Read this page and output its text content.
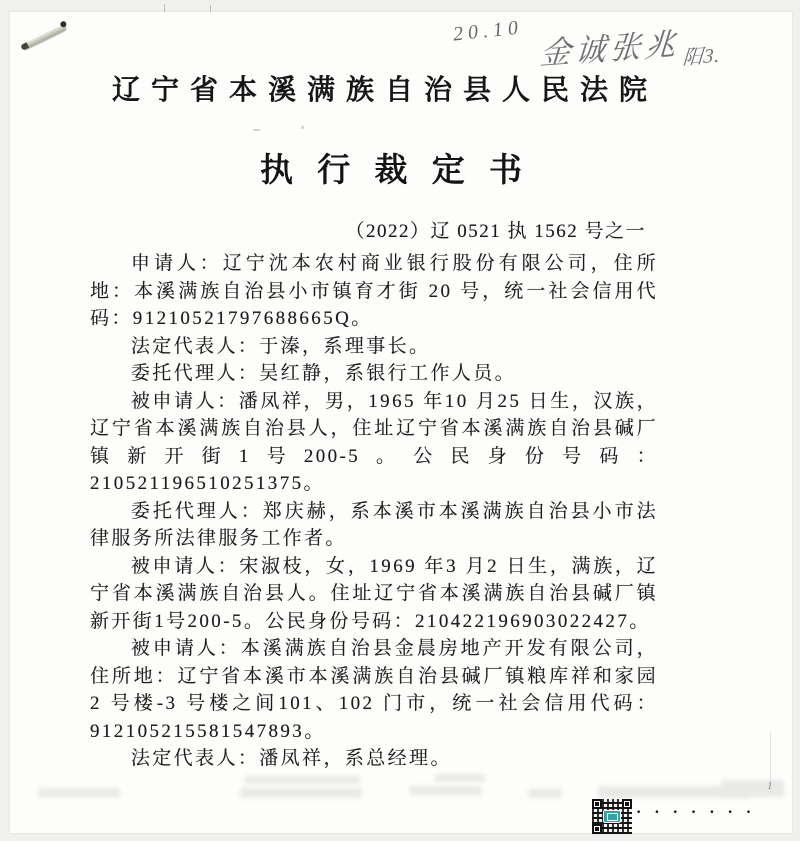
20.10 金诚张兆$_{阳3.}$
辽宁省本溪满族自治县人民法院
执 行 裁 定 书
（2022）辽 0521 执 1562 号之一

申请人：辽宁沈本农村商业银行股份有限公司，住所地：本溪满族自治县小市镇育才街 20 号，统一社会信用代码：91210521797688665Q。

法定代表人：于溱，系理事长。

委托代理人：吴红静，系银行工作人员。

被申请人：潘凤祥，男，1965 年10 月25 日生，汉族，辽宁省本溪满族自治县人，住址辽宁省本溪满族自治县碱厂镇新开街1号200-5。公民身份号码：210521196510251375。

委托代理人：郑庆赫，系本溪市本溪满族自治县小市法律服务所法律服务工作者。

被申请人：宋淑枝，女，1969 年3 月2 日生，满族，辽宁省本溪满族自治县人。住址辽宁省本溪满族自治县碱厂镇新开街1号200-5。公民身份号码：210422196903022427。

被申请人：本溪满族自治县金晨房地产开发有限公司，住所地：辽宁省本溪市本溪满族自治县碱厂镇粮库祥和家园2 号楼-3 号楼之间101、102 门市，统一社会信用代码：912105215581547893。

法定代表人：潘凤祥，系总经理。

1
•••••••
